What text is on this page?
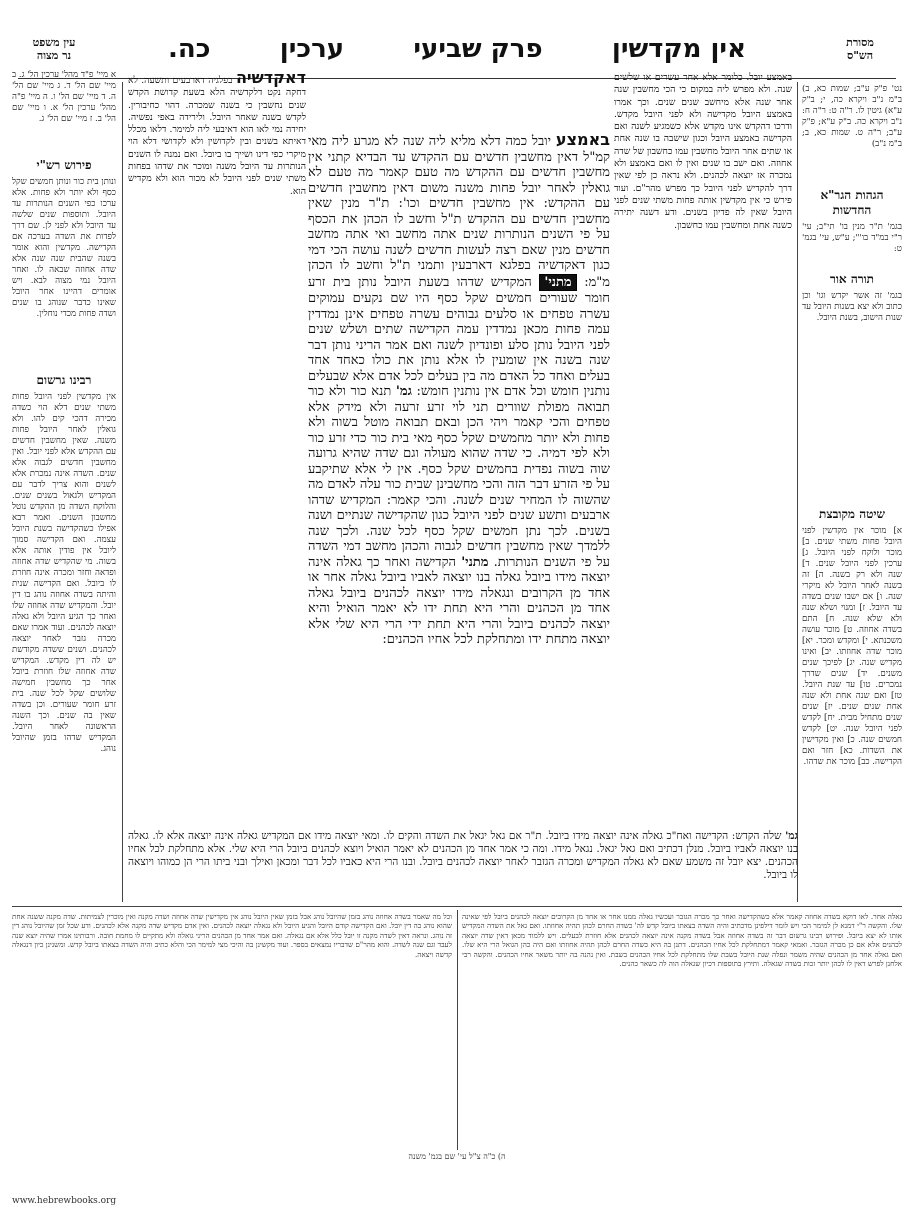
מסורת
הש"ס
אין מקדשין
פרק שביעי
ערכין
כה.
עין משפט
נר מצוה
נט' פ"ק ע"ב; שמות כא, ב) ב"מ נ"ב ויקרא כה, י; ב"ק ע"א) גיטין לו. ר"ה ט: ר"ה ח: נ"ב ויקרא כה. ב"ק ע"א; פ"ק ע"ב; ר"ה ט. שמות כא, ב; ב"מ נ"ב)
הגהות הגר"א
החדשות
בגמ' ת"ר מנין בו' תי"ב; עי' ר"י במ"ד בו'"; ע"ש, עי' בגמ' ט:
תורה אור
בגמ' זה אשר יקדש וגו' וכן כתוב ולא יצא בשנות היובל עד שנות הישוב, בשנת היובל.
שיטה מקובצת
א] מוכר אין מקדשין לפני היובל פחות משתי שנים. ב] מוכר ולוקח לפני היובל. ג] ערכין לפני היובל שנים. ד] שנה ולא רק בשנה. ה] זה בשנה לאחר היובל לא מיקרי שנה. ו] אם ישבו שנים בשדה עד היובל. ז] ומנוי ושלא שנה ולא שלא שנה. ח] התם בשדה אחוזה. ט] מוכר עושה משכנתא. י] ומקדש ומכר. יא] מוכר שדה אחוזתו. יב] ואינו מקדיש שנה. יג] לפיכך שנים משנים. יד] שנים שדרך נמכרים. טו] עד שנת היובל. טז] ואם שנה אחת ולא שנה אחת שנים שנים. יז] שנים שנים מתחיל מבית. יח] לקדש לפני היובל שנה. יט] לקדש חמשים שנה. כ] ואין מקדישין את השדות. כא] חזר ואם הקדישה. כב] מוכר את שדהו.
א מיי' פ"ד מהל' ערכין הל' ג. ב מיי' שם הל' ד. ג מיי' שם הל' ה. ד מיי' שם הל' ו. ה מיי' פ"ה מהל' ערכין הל' א. ו מיי' שם הל' ב. ז מיי' שם הל' ג.
פירוש רש"י
ונותן בית כור ונותן חמשים שקל כסף ולא יותר ולא פחות. אלא ערכו כפי השנים הנותרות עד היובל. ותוספות שנים שלשה עד היובל ולא לפני לן. שם דרך לפדות את השדה בערכה אם הקדישה. מקדשין והוא אומר בשנה שהבית שנה שנה אלא שדה אחוזה שבאה לו. ואחר היובל נמי מצוה לבא. ויש אומרים דהיינו אחר היובל שאינו כדבר שנוהג בו שנים ושדה פחות מכדי נוחלין.
רבינו גרשום
אין מקדשין לפני היובל פחות משתי שנים דלא הוי כשדה מכירה דהכי קים להו. ולא גואלין לאחר היובל פחות משנה. שאין מחשבין חדשים עם ההקדש אלא לפני יובל. ואין מחשבין חדשים לגבוה אלא שנים. השדה אינה נמכרת אלא לשנים והוא צריך לדבר עם המקדיש ולגאול בשנים שנים. והלוקח השדה מן ההקדש נוטל מחשבון השנים. ואמר רבא אפילו כשהקדישה בשנת היובל עצמה. ואם הקדישה סמוך ליובל אין פודין אותה אלא בשוה. מי שהקדיש שדה אחוזה ופדאה וחזר ומכרה אינה חוזרת לו ביובל. ואם הקדישה שנית והיתה בשדה אחוזה נוהג בו דין יובל. והמקדיש שדה אחוזה שלו ואחר כך הגיע היובל ולא גאלה יוצאה לכהנים. ועוד אמרו שאם מכרה גזבר לאחר יוצאה לכהנים. ושנים ששדה מקודשת יש לה דין מקדש. המקדיש שדה אחוזה שלו חוזרת ביובל אחר כך מחשבין חמישה שלושים שקל לכל שנה. בית זרע חומר שעורים. וכן בשדה שאין בה שנים. וכך השנה הראשונה לאחר היובל. המקדיש שדהו בזמן שהיובל נוהג.
באמצע יובל. כלומר אלא אחר עשרים או שלשים שנה. ולא מפרש ליה במקום כי הכי מחשבין שנה אחר שנה אלא מיחשב שנים שנים. וכך אמרו באמצע היובל מקדישה ולא לפני היובל מקדש. ודרכו דהקדש אינו מקדש אלא כשמגיע לשנה ואם הקדישה באמצע היובל וכגון שישבה בו שנה אחת או שתים אחר היובל מחשבין עמו כחשבון של שדה אחוזה. ואם ישב בו שנים ואין לו ואם באמצע ולא נמכרה אז יוצאה לכהנים. ולא נראה כן לפי שאין דרך להקדיש לפני היובל כך מפרש מהר"ם. ועוד פירש כי אין מקדשין אותה פחות משתי שנים לפני היובל שאין לה פדיון בשנים. ודע דשנה יתירה כשנה אחת ומחשבין עמו כחשבון.
דאקדשיה בפלגיה דארבעים ותשעה. לא דחקה נקט דלקדשיה הלא בשעת קדושת הקדש שנים נחשבין כי בשנה שמכרה. דהוי כחיבורין. לקדש בשנה שאחר היובל. ולירידה באפי נפשיה. יחידה נמי לאו הוא דאיבעי ליה למימר. דלאו מכלל דאיתא בשנים ובין לקדושין ולא לקדושי דלא הוי מיקרי כפי דינו ושייך בו ביובל. ואם נמנה לו השנים הנותרות עד היובל משנה ומוכר את שדהו בפחות משתי שנים לפני היובל לא מכור הוא ולא מקדיש הוא.
באמצע יובל כמה דלא מליא ליה שנה לא מגרע ליה מאי קמ"ל דאין מחשבין חדשים עם ההקדש עד הבדיא קתני אין מחשבין חדשים עם ההקדש מה טעם קאמר מה טעם לא גואלין לאחר יובל פחות משנה משום דאין מחשבין חדשים עם ההקדש: אין מחשבין חדשים וכו': ת"ר מנין שאין מחשבין חדשים עם ההקדש ת"ל וחשב לו הכהן את הכסף על פי השנים הנותרות שנים אתה מחשב ואי אתה מחשב חדשים מנין שאם רצה לעשות חדשים לשנה עושה הכי דמי כגון דאקדשיה בפלגא דארבעין ותמני ת"ל וחשב לו הכהן מ"מ: מתני' המקדיש שדהו בשעת היובל נותן בית זרע חומר שעורים חמשים שקל כסף היו שם נקעים עמוקים עשרה טפחים או סלעים גבוהים עשרה טפחים אינן נמדדין עמה פחות מכאן נמדדין עמה הקדישה שתים ושלש שנים לפני היובל נותן סלע ופונדיון לשנה ואם אמר הריני נותן דבר שנה בשנה אין שומעין לו אלא נותן את כולו כאחד אחד בעלים ואחד כל האדם מה בין בעלים לכל אדם אלא שבעלים נותנין חומש וכל אדם אין נותנין חומש: גמ' תנא כור ולא כור תבואה מפולת שוורים תני לוי זרע זרעה ולא מידק אלא טפחים והכי קאמר ויהי הכן ובאם תבואה מוטל בשוה ולא פחות ולא יותר מחמשים שקל כסף מאי בית כור כדי זרע כור ולא לפי דמיה. כי שדה שהוא מעולה וגם שדה שהיא גרועה שוה בשוה נפדית בחמשים שקל כסף. אין לי אלא שתיקבע על פי הזרע דבר הזה והכי מחשבינן שבית כור עלה לאדם מה שהשוה לו המחיר שנים לשנה. והכי קאמר: המקדיש שדהו ארבעים ותשע שנים לפני היובל כגון שהקדישה שנתיים ושנה בשנים. לכך נתן חמשים שקל כסף לכל שנה. ולכך שנה ללמדך שאין מחשבין חדשים לגבוה והכהן מחשב דמי השדה על פי השנים הנותרות. מתני' הקדישה ואחר כך גאלה אינה יוצאה מידו ביובל גאלה בנו יוצאה לאביו ביובל גאלה אחר או אחד מן הקרובים ונגאלה מידו יוצאה לכהנים ביובל גאלה אחד מן הכהנים והרי היא תחת ידו לא יאמר הואיל והיא יוצאה לכהנים ביובל והרי היא תחת ידי הרי היא שלי אלא יוצאה מתחת ידו ומתחלקת לכל אחיו הכהנים:
גמ' שלה הקדש: הקדישה ואח"כ גאלה אינה יוצאה מידו ביובל. ת"ר אם גאל יגאל את השדה והקים לו. ומאי יוצאה מידו אם המקדיש גאלה אינה יוצאה אלא לו. גאלה בנו יוצאה לאביו ביובל. מנלן דכתיב ואם גאל יגאל. נגאל מידו. ומה כי אמר אחד מן הכהנים לא יאמר הואיל ויוצא לכהנים ביובל הרי היא שלי. אלא מתחלקת לכל אחיו הכהנים. יצא יובל זה משמע שאם לא גאלה המקדיש ומכרה הגזבר לאחר יוצאה לכהנים ביובל. ובנו הרי היא כאביו לכל דבר ומכאן ואילך ובני ביתו הרי הן כמוהו ויוצאה לו ביובל.
גאלה אחר. לאו דוקא בשדה אחוזה קאמר אלא כשהקדישה ואחר כך מכרה הגזבר ועכשיו גאלה ממנו אחר או אחד מן הקרובים יוצאה לכהנים ביובל לפי שאינה שלו. והקשה ר"י דמנא לן למימר הכי ויש לומר דילפינן מדכתיב והיה השדה בצאתו ביובל קדש לה' כשדה החרם לכהן תהיה אחוזתו. ואם גאל את השדה המקדיש אותו לא יצא ביובל. ופירוש רבינו גרשום דבר זה בשדה אחוזה אבל בשדה מקנה אינה יוצאה לכהנים אלא חוזרת לבעלים. ויש ללמוד מכאן דאין שדה יוצאה לכהנים אלא אם כן מכרה הגזבר. ואמאי קאמר דמתחלקת לכל אחיו הכהנים. דתנן בה היא כשדה החרם לכהן תהיה אחוזתו ואם היה כהן הגואל הרי היא שלו. ואם גאלה אחד מן הכהנים שהיה משמר ונפלה שנת היובל בשבת שלו מתחלקת לכל אחיו הכהנים בשבת. ואין נהנה בה יותר משאר אחיו הכהנים. והקשה רבי אלחנן לפרש דאין לו לכהן יותר זכות בשדה שגאלה. ותירץ בתוספות דכיון שגאלה הוה לה כשאר כהנים.
וכל מה שאמר בשדה אחוזה נוהג בזמן שהיובל נוהג אבל בזמן שאין היובל נוהג אין מקדישין שדה אחוזה ושדה מקנה ואין מוכרין לצמיתות. שדה מקנה ששנה אחת שהוא נוהג בה דין יובל. ואם הקדישה קודם היובל והגיע היובל ולא נגאלה יוצאה לכהנים. ואין אדם מקדיש שדה מקנה אלא לכהנים. ודע שכל זמן שהיובל נוהג דין זה נוהג. ונראה דאין לשדה מקנה זו יובל כלל אלא אם נגאלה. ואם אמר אחד מן הכהנים הריני גואלה ולא מתקיים לו מחמת חובה. ורבותינו אמרו שהיה יוצא שנה לעבד וגם שנה לשדה. והוא מהר"ם שדבריו נמצאים בספר. ועוד מקשינן בה והיכי מצי למימר הכי והלא כתיב והיה השדה בצאתו ביובל קדש. ומשנינן כיון דנגאלה קדשה ויצאה.
ה) כ"ה צ"ל עי' שם בגמ' משנה
www.hebrewbooks.org
